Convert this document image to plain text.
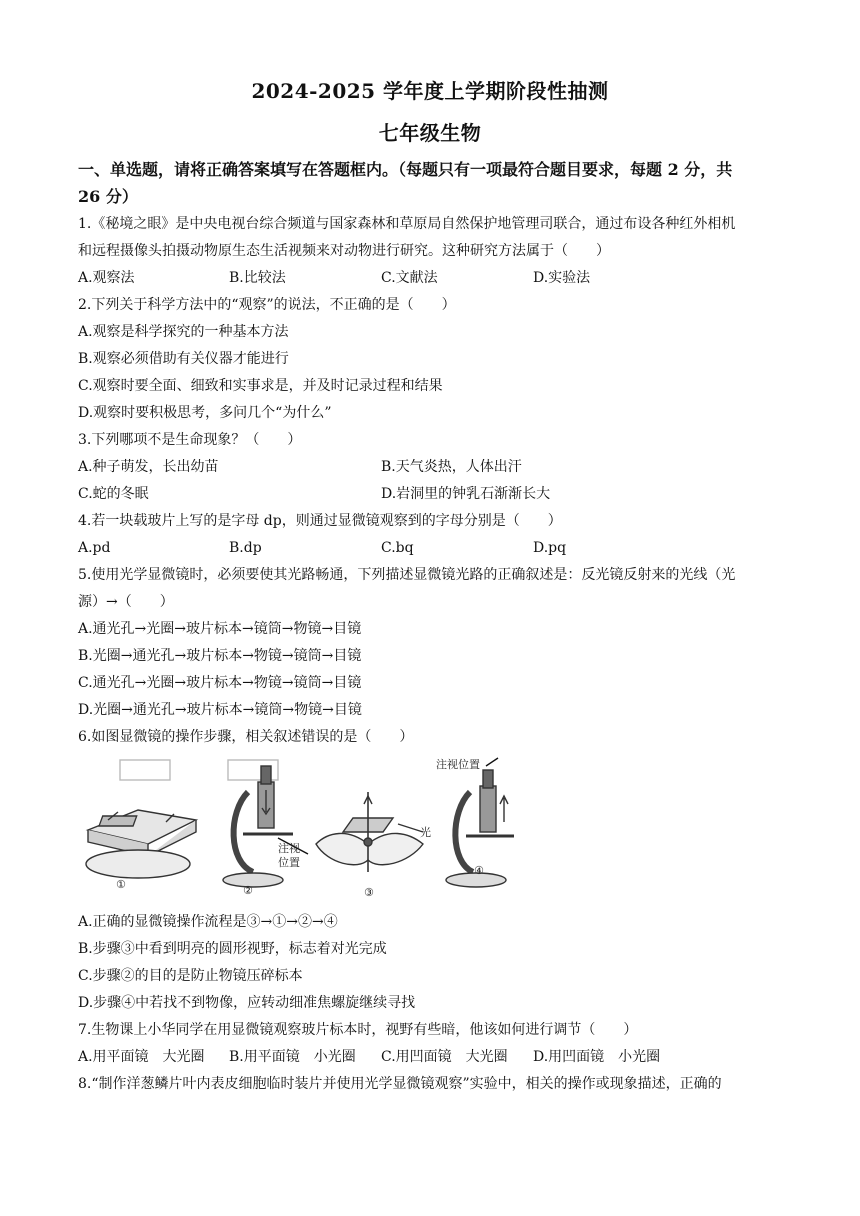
2024-2025 学年度上学期阶段性抽测
七年级生物
一、单选题，请将正确答案填写在答题框内。（每题只有一项最符合题目要求，每题 2 分，共
26 分）
1.《秘境之眼》是中央电视台综合频道与国家森林和草原局自然保护地管理司联合，通过布设各种红外相机
和远程摄像头拍摄动物原生态生活视频来对动物进行研究。这种研究方法属于（　　）
A.观察法	B.比较法	C.文献法	D.实验法
2.下列关于科学方法中的“观察”的说法，不正确的是（　　）
A.观察是科学探究的一种基本方法
B.观察必须借助有关仪器才能进行
C.观察时要全面、细致和实事求是，并及时记录过程和结果
D.观察时要积极思考，多问几个“为什么”
3.下列哪项不是生命现象？（　　）
A.种子萌发，长出幼苗	B.天气炎热，人体出汗
C.蛇的冬眠	D.岩洞里的钟乳石渐渐长大
4.若一块载玻片上写的是字母 dp，则通过显微镜观察到的字母分别是（　　）
A.pd	B.dp	C.bq	D.pq
5.使用光学显微镜时，必须要使其光路畅通，下列描述显微镜光路的正确叙述是：反光镜反射来的光线（光
源）→（　　）
A.通光孔→光圈→玻片标本→镜筒→物镜→目镜
B.光圈→通光孔→玻片标本→物镜→镜筒→目镜
C.通光孔→光圈→玻片标本→物镜→镜筒→目镜
D.光圈→通光孔→玻片标本→镜筒→物镜→目镜
6.如图显微镜的操作步骤，相关叙述错误的是（　　）
注视位置
注视
位置
光
①	②	③
④
A.正确的显微镜操作流程是③→①→②→④
B.步骤③中看到明亮的圆形视野，标志着对光完成
C.步骤②的目的是防止物镜压碎标本
D.步骤④中若找不到物像，应转动细准焦螺旋继续寻找
7.生物课上小华同学在用显微镜观察玻片标本时，视野有些暗，他该如何进行调节（　　）
A.用平面镜　大光圈 B.用平面镜　小光圈 C.用凹面镜　大光圈 D.用凹面镜　小光圈
8.“制作洋葱鳞片叶内表皮细胞临时装片并使用光学显微镜观察”实验中，相关的操作或现象描述，正确的
